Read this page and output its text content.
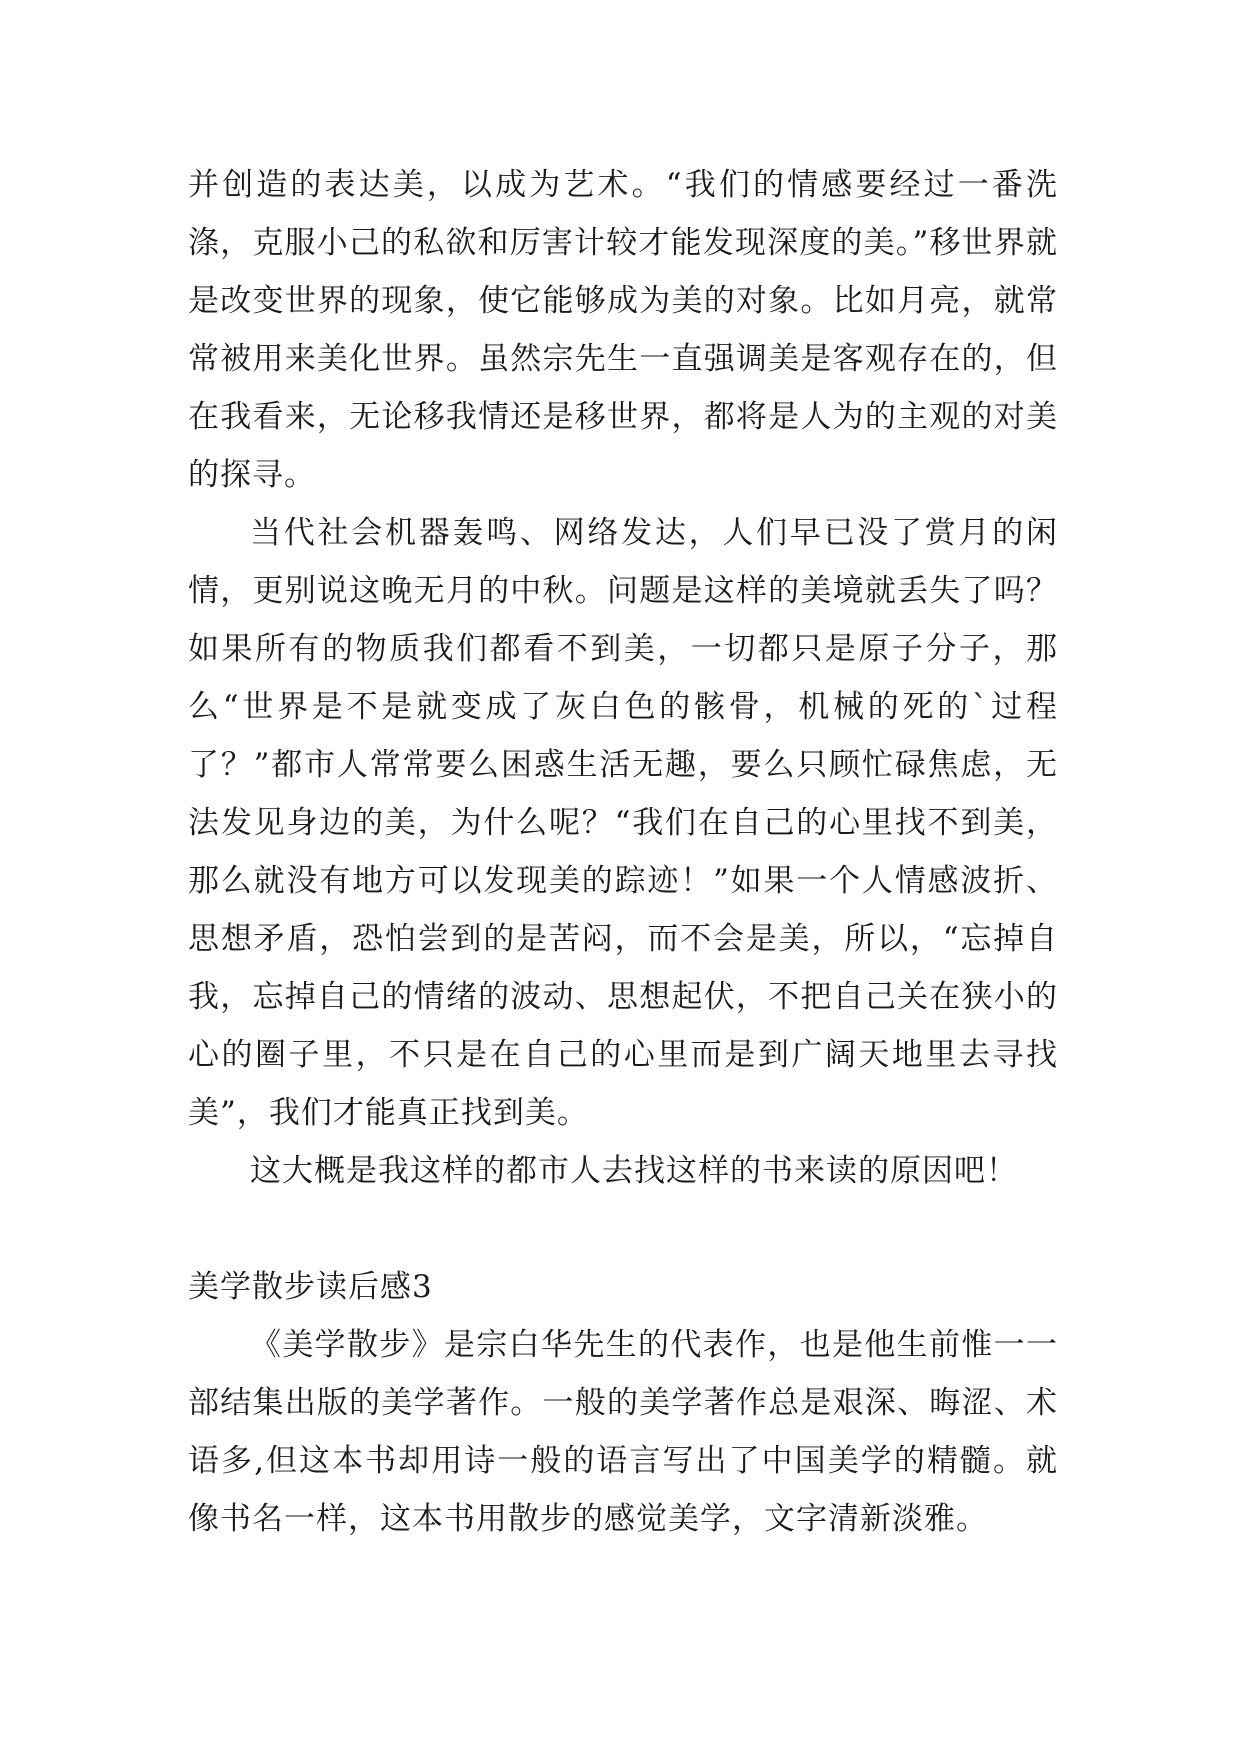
并创造的表达美，以成为艺术。“我们的情感要经过一番洗涤，克服小己的私欲和厉害计较才能发现深度的美。”移世界就是改变世界的现象，使它能够成为美的对象。比如月亮，就常常被用来美化世界。虽然宗先生一直强调美是客观存在的，但在我看来，无论移我情还是移世界，都将是人为的主观的对美的探寻。

当代社会机器轰鸣、网络发达，人们早已没了赏月的闲情，更别说这晚无月的中秋。问题是这样的美境就丢失了吗？如果所有的物质我们都看不到美，一切都只是原子分子，那么“世界是不是就变成了灰白色的骸骨，机械的死的`过程了？”都市人常常要么困惑生活无趣，要么只顾忙碌焦虑，无法发见身边的美，为什么呢？“我们在自己的心里找不到美，那么就没有地方可以发现美的踪迹！”如果一个人情感波折、思想矛盾，恐怕尝到的是苦闷，而不会是美，所以，“忘掉自我，忘掉自己的情绪的波动、思想起伏，不把自己关在狭小的心的圈子里，不只是在自己的心里而是到广阔天地里去寻找美”，我们才能真正找到美。

这大概是我这样的都市人去找这样的书来读的原因吧！

美学散步读后感3

《美学散步》是宗白华先生的代表作，也是他生前惟一一部结集出版的美学著作。一般的美学著作总是艰深、晦涩、术语多,但这本书却用诗一般的语言写出了中国美学的精髓。就像书名一样，这本书用散步的感觉美学，文字清新淡雅。
